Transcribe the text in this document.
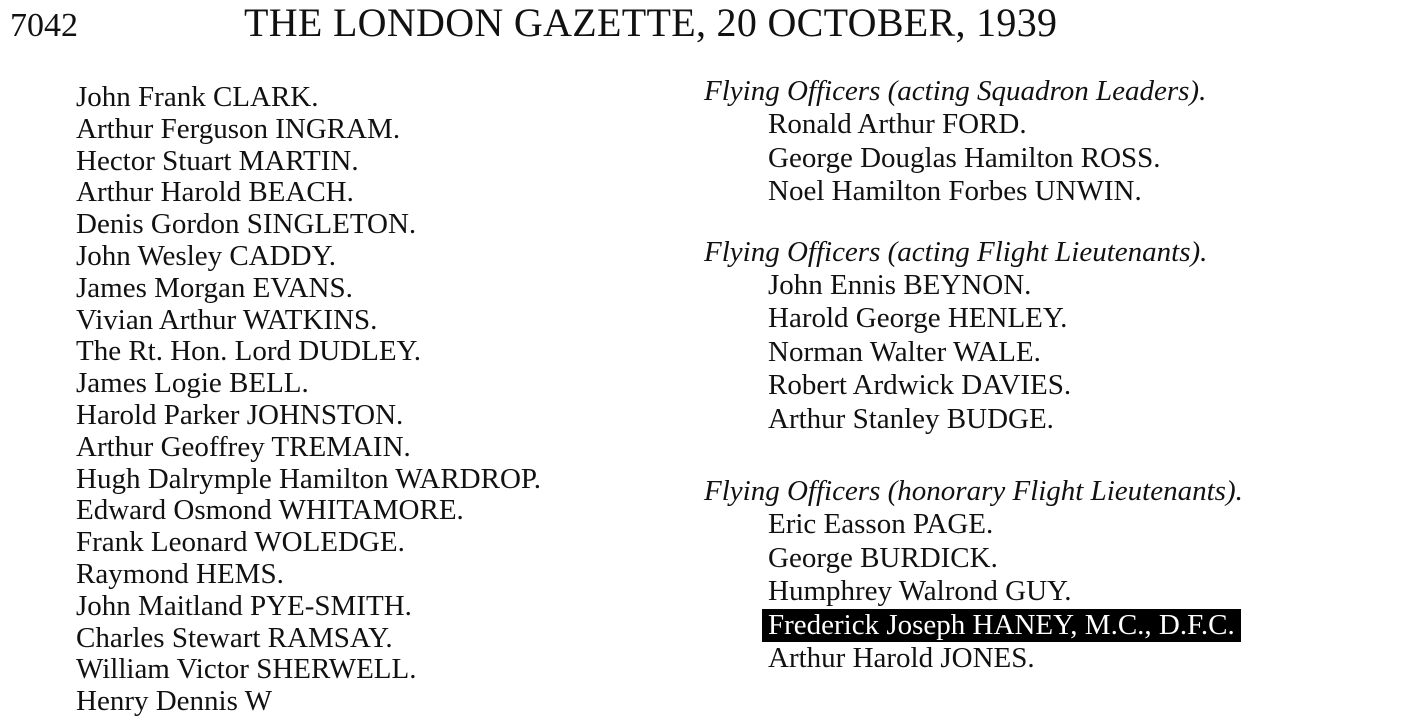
7042	THE LONDON GAZETTE, 20 OCTOBER, 1939
John Frank CLARK.
Arthur Ferguson INGRAM.
Hector Stuart MARTIN.
Arthur Harold BEACH.
Denis Gordon SINGLETON.
John Wesley CADDY.
James Morgan EVANS.
Vivian Arthur WATKINS.
The Rt. Hon. Lord DUDLEY.
James Logie BELL.
Harold Parker JOHNSTON.
Arthur Geoffrey TREMAIN.
Hugh Dalrymple Hamilton WARDROP.
Edward Osmond WHITAMORE.
Frank Leonard WOLEDGE.
Raymond HEMS.
John Maitland PYE-SMITH.
Charles Stewart RAMSAY.
William Victor SHERWELL.
Henry Dennis W
Flying Officers (acting Squadron Leaders).
Ronald Arthur FORD.
George Douglas Hamilton ROSS.
Noel Hamilton Forbes UNWIN.
Flying Officers (acting Flight Lieutenants).
John Ennis BEYNON.
Harold George HENLEY.
Norman Walter WALE.
Robert Ardwick DAVIES.
Arthur Stanley BUDGE.
Flying Officers (honorary Flight Lieutenants).
Eric Easson PAGE.
George BURDICK.
Humphrey Walrond GUY.
Frederick Joseph HANEY, M.C., D.F.C.
Arthur Harold JONES.
